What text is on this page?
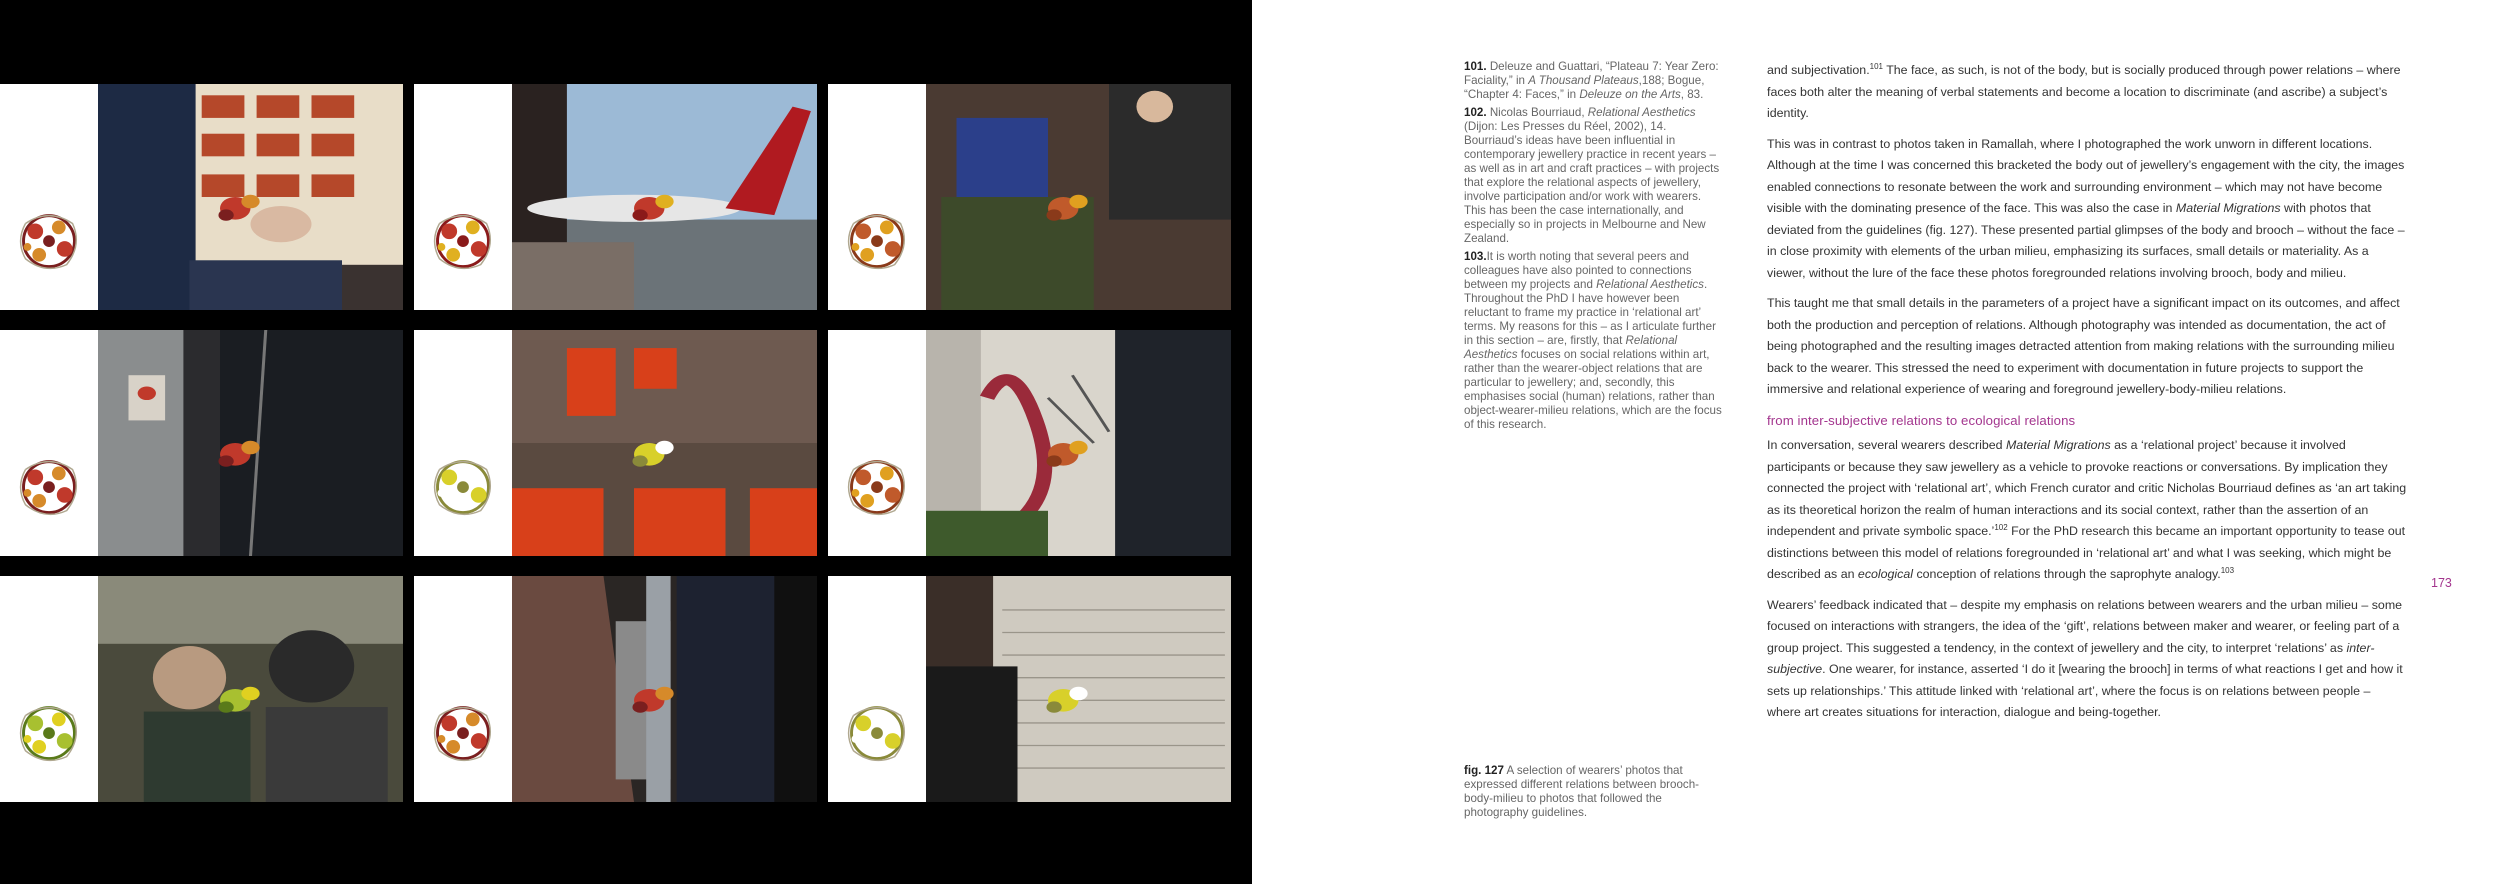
101. Deleuze and Guattari, “Plateau 7: Year Zero: Faciality,” in A Thousand Plateaus,188; Bogue, “Chapter 4: Faces,” in Deleuze on the Arts, 83.
102. Nicolas Bourriaud, Relational Aesthetics (Dijon: Les Presses du Réel, 2002), 14. Bourriaud’s ideas have been influential in contemporary jewellery practice in recent years – as well as in art and craft practices – with projects that explore the relational aspects of jewellery, involve participation and/or work with wearers. This has been the case internationally, and especially so in projects in Melbourne and New Zealand.
103.It is worth noting that several peers and colleagues have also pointed to connections between my projects and Relational Aesthetics. Throughout the PhD I have however been reluctant to frame my practice in ‘relational art’ terms. My reasons for this – as I articulate further in this section – are, firstly, that Relational Aesthetics focuses on social relations within art, rather than the wearer-object relations that are particular to jewellery; and, secondly, this emphasises social (human) relations, rather than object-wearer-milieu relations, which are the focus of this research.
fig. 127 A selection of wearers’ photos that expressed different relations between brooch-body-milieu to photos that followed the photography guidelines.

and subjectivation.$^{101}$ The face, as such, is not of the body, but is socially produced through power relations – where faces both alter the meaning of verbal statements and become a location to discriminate (and ascribe) a subject’s identity.

This was in contrast to photos taken in Ramallah, where I photographed the work unworn in different locations. Although at the time I was concerned this bracketed the body out of jewellery’s engagement with the city, the images enabled connections to resonate between the work and surrounding environment – which may not have become visible with the dominating presence of the face. This was also the case in Material Migrations with photos that deviated from the guidelines (fig. 127). These presented partial glimpses of the body and brooch – without the face – in close proximity with elements of the urban milieu, emphasizing its surfaces, small details or materiality. As a viewer, without the lure of the face these photos foregrounded relations involving brooch, body and milieu.

This taught me that small details in the parameters of a project have a significant impact on its outcomes, and affect both the production and perception of relations. Although photography was intended as documentation, the act of being photographed and the resulting images detracted attention from making relations with the surrounding milieu back to the wearer. This stressed the need to experiment with documentation in future projects to support the immersive and relational experience of wearing and foreground jewellery-body-milieu relations.

from inter-subjective relations to ecological relations

In conversation, several wearers described Material Migrations as a ‘relational project’ because it involved participants or because they saw jewellery as a vehicle to provoke reactions or conversations. By implication they connected the project with ‘relational art’, which French curator and critic Nicholas Bourriaud defines as ‘an art taking as its theoretical horizon the realm of human interactions and its social context, rather than the assertion of an independent and private symbolic space.’$^{102}$ For the PhD research this became an important opportunity to tease out distinctions between this model of relations foregrounded in ‘relational art’ and what I was seeking, which might be described as an ecological conception of relations through the saprophyte analogy.$^{103}$

Wearers’ feedback indicated that – despite my emphasis on relations between wearers and the urban milieu – some focused on interactions with strangers, the idea of the ‘gift’, relations between maker and wearer, or feeling part of a group project. This suggested a tendency, in the context of jewellery and the city, to interpret ‘relations’ as inter-subjective. One wearer, for instance, asserted ‘I do it [wearing the brooch] in terms of what reactions I get and how it sets up relationships.’ This attitude linked with ‘relational art’, where the focus is on relations between people – where art creates situations for interaction, dialogue and being-together.

173
